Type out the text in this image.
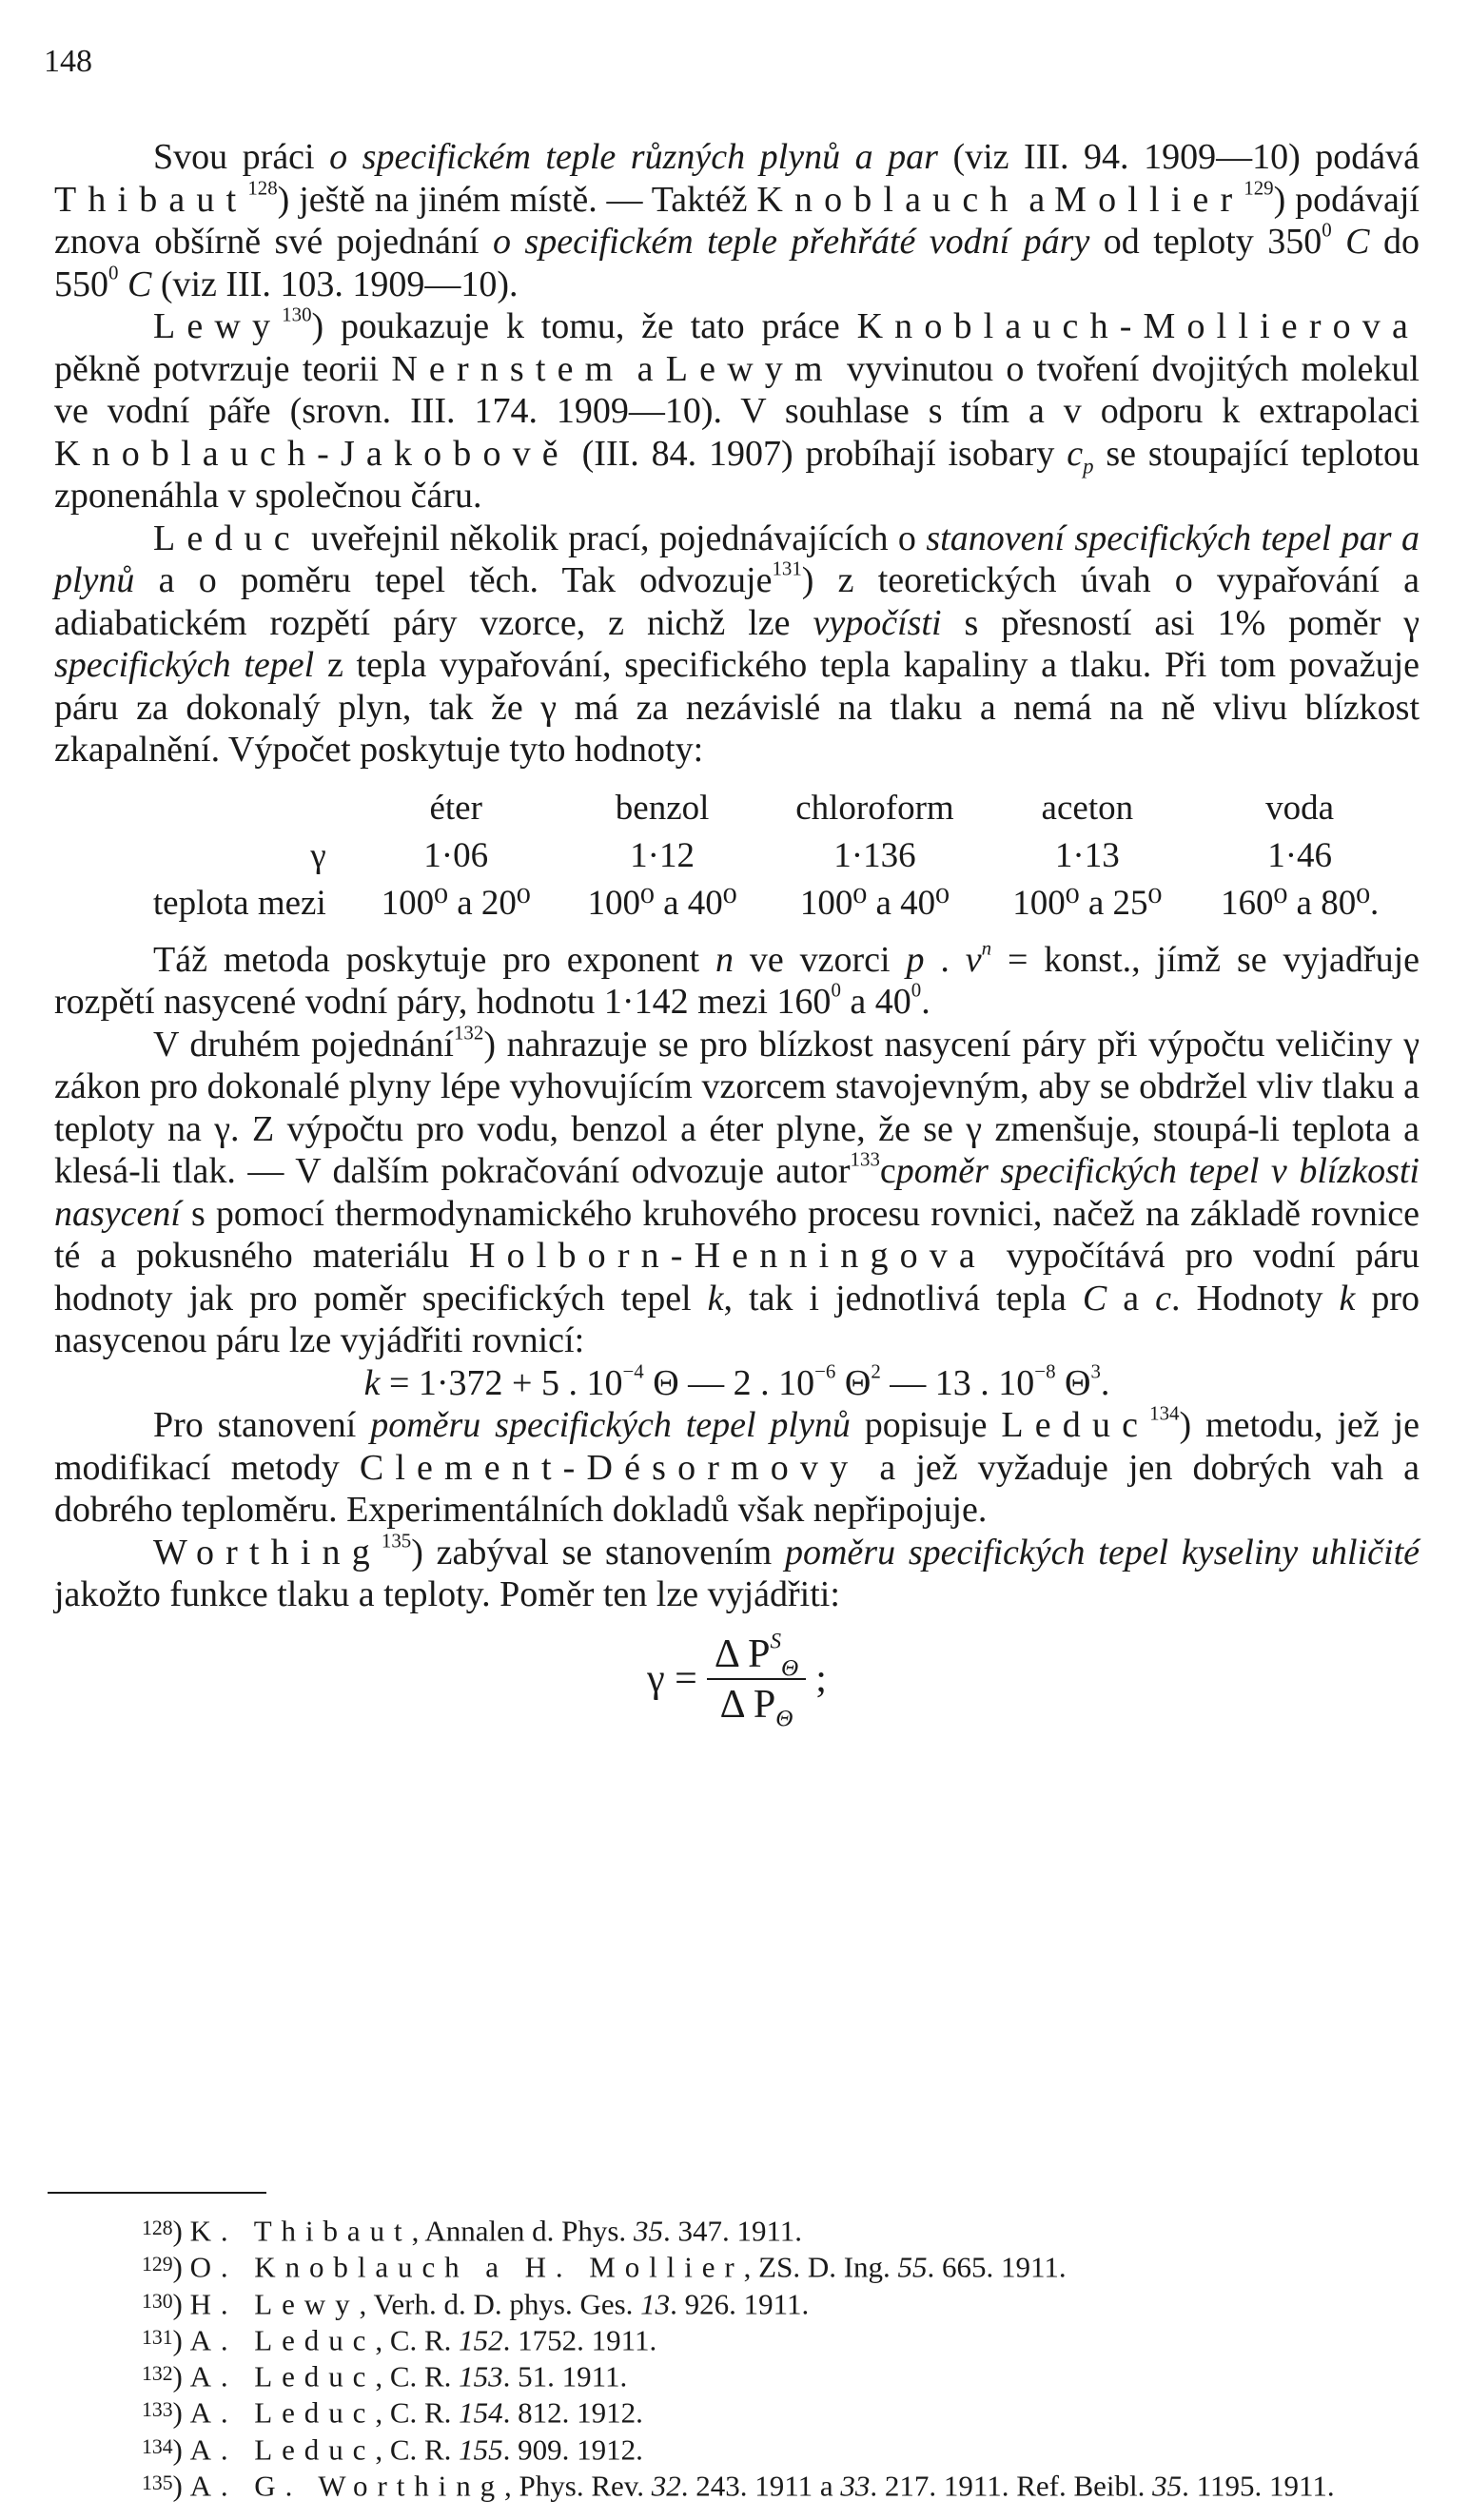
148

Svou práci o specifickém teple různých plynů a par (viz III. 94. 1909—10) podává Thibaut$^{128}$) ještě na jiném místě. — Taktéž Knoblauch a Mollier$^{129}$) podávají znova obšírně své pojednání o specifickém teple přehřáté vodní páry od teploty 350$^0$ C do 550$^0$ C (viz III. 103. 1909—10).

Lewy$^{130}$) poukazuje k tomu, že tato práce Knoblauch-Mollierova pěkně potvrzuje teorii Nernstem a Lewym vyvinutou o tvoření dvojitých molekul ve vodní páře (srovn. III. 174. 1909—10). V souhlase s tím a v odporu k extrapolaci Knoblauch-Jakobově (III. 84. 1907) probíhají isobary $c_p$ se stoupající teplotou zponenáhla v společnou čáru.

Leduc uveřejnil několik prací, pojednávajících o stanovení specifických tepel par a plynů a o poměru tepel těch. Tak odvozuje$^{131}$) z teoretických úvah o vypařování a adiabatickém rozpětí páry vzorce, z nichž lze vypočísti s přesností asi 1% poměr γ specifických tepel z tepla vypařování, specifického tepla kapaliny a tlaku. Při tom považuje páru za dokonalý plyn, tak že γ má za nezávislé na tlaku a nemá na ně vlivu blízkost zkapalnění. Výpočet poskytuje tyto hodnoty:

	éter	benzol	chloroform	aceton	voda
γ	1·06	1·12	1·136	1·13	1·46
teplota mezi	100⁰ a 20⁰	100⁰ a 40⁰	100⁰ a 40⁰	100⁰ a 25⁰	160⁰ a 80⁰.

Táž metoda poskytuje pro exponent n ve vzorci p . v$^n$ = konst., jímž se vyjadřuje rozpětí nasycené vodní páry, hodnotu 1·142 mezi 160$^0$ a 40$^0$.

V druhém pojednání$^{132}$) nahrazuje se pro blízkost nasycení páry při výpočtu veličiny γ zákon pro dokonalé plyny lépe vyhovujícím vzorcem stavojevným, aby se obdržel vliv tlaku a teploty na γ. Z výpočtu pro vodu, benzol a éter plyne, že se γ zmenšuje, stoupá-li teplota a klesá-li tlak. — V dalším pokračování odvozuje autor$^{133}$cpoměr specifických tepel v blízkosti nasycení s pomocí thermodynamického kruhového procesu rovnici, načež na základě rovnice té a pokusného materiálu Holborn-Henningova vypočítává pro vodní páru hodnoty jak pro poměr specifických tepel k, tak i jednotlivá tepla C a c. Hodnoty k pro nasycenou páru lze vyjádřiti rovnicí:

k = 1·372 + 5 . 10$^{-4}$ Θ — 2 . 10$^{-6}$ Θ$^2$ — 13 . 10$^{-8}$ Θ$^3$.

Pro stanovení poměru specifických tepel plynů popisuje Leduc$^{134}$) metodu, jež je modifikací metody Clement-Désormovy a jež vyžaduje jen dobrých vah a dobrého teploměru. Experimentálních dokladů však nepřipojuje.

Worthing$^{135}$) zabýval se stanovením poměru specifických tepel kyseliny uhličité jakožto funkce tlaku a teploty. Poměr ten lze vyjádřiti:

$\gamma = \frac{\Delta P^S_\Theta}{\Delta P_\Theta}$ ;

$^{128}$) K. Thibaut, Annalen d. Phys. 35. 347. 1911.

$^{129}$) O. Knoblauch a H. Mollier, ZS. D. Ing. 55. 665. 1911.

$^{130}$) H. Lewy, Verh. d. D. phys. Ges. 13. 926. 1911.

$^{131}$) A. Leduc, C. R. 152. 1752. 1911.

$^{132}$) A. Leduc, C. R. 153. 51. 1911.

$^{133}$) A. Leduc, C. R. 154. 812. 1912.

$^{134}$) A. Leduc, C. R. 155. 909. 1912.

$^{135}$) A. G. Worthing, Phys. Rev. 32. 243. 1911 a 33. 217. 1911. Ref. Beibl. 35. 1195. 1911.
